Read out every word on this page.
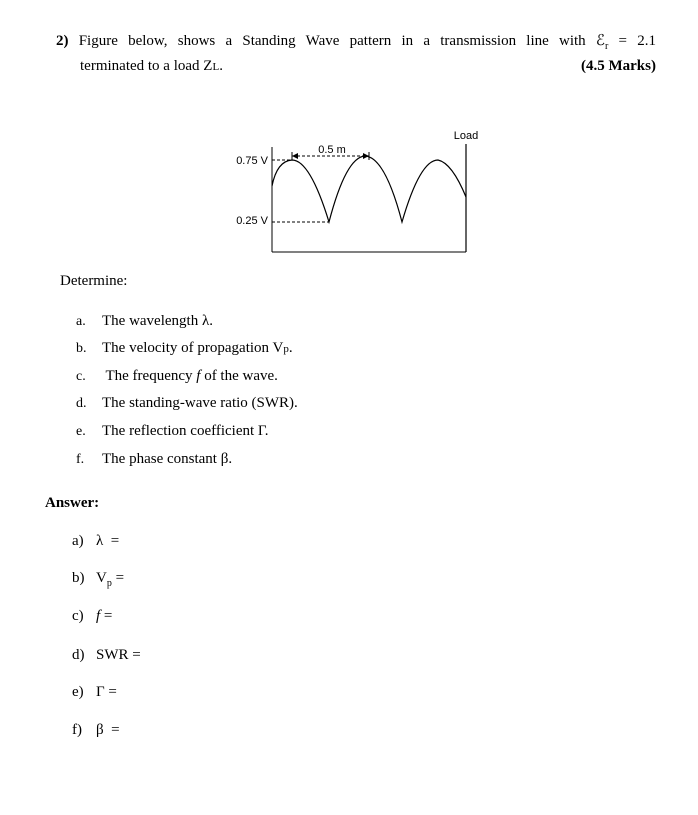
2) Figure below, shows a Standing Wave pattern in a transmission line with ℰ$_r$ = 2.1
terminated to a load ZL.	(4.5 Marks)
Load
0.5 m
0.75 V
0.25 V
Determine:
a. The wavelength λ.
b. The velocity of propagation Vp.
c. The frequency f of the wave.
d. The standing-wave ratio (SWR).
e. The reflection coefficient Γ.
f. The phase constant β.
Answer:
a) λ  =
b) $V_p$ =
c) f =
d) SWR =
e) Γ =
f) β  =
